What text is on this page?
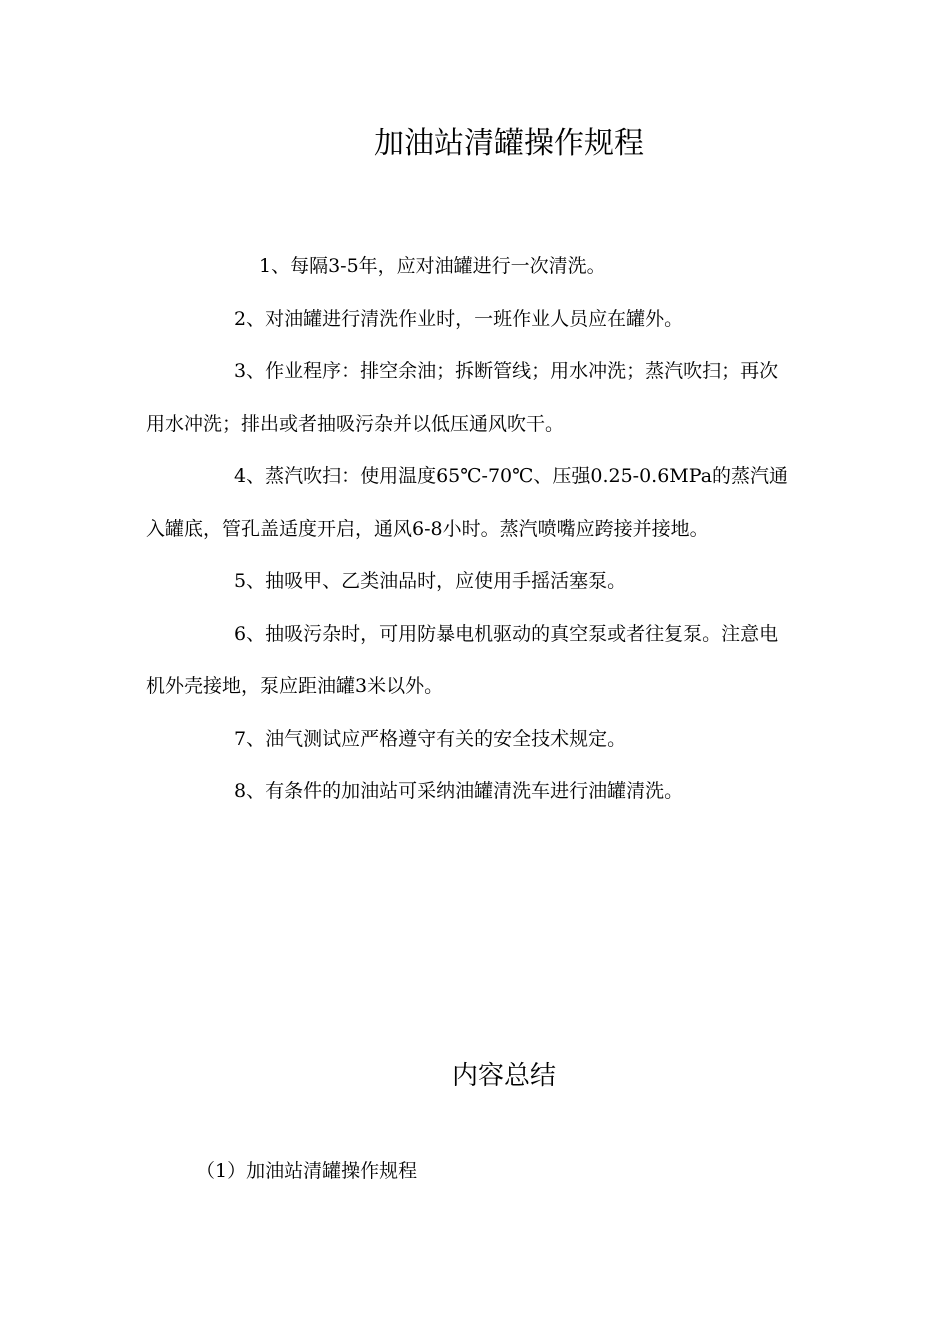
加油站清罐操作规程

1、每隔3-5年，应对油罐进行一次清洗。

2、对油罐进行清洗作业时，一班作业人员应在罐外。

3、作业程序：排空余油；拆断管线；用水冲洗；蒸汽吹扫；再次用水冲洗；排出或者抽吸污杂并以低压通风吹干。

4、蒸汽吹扫：使用温度65℃-70℃、压强0.25-0.6MPa的蒸汽通入罐底，管孔盖适度开启，通风6-8小时。蒸汽喷嘴应跨接并接地。

5、抽吸甲、乙类油品时，应使用手摇活塞泵。

6、抽吸污杂时，可用防暴电机驱动的真空泵或者往复泵。注意电机外壳接地，泵应距油罐3米以外。

7、油气测试应严格遵守有关的安全技术规定。

8、有条件的加油站可采纳油罐清洗车进行油罐清洗。

内容总结
（1）加油站清罐操作规程
